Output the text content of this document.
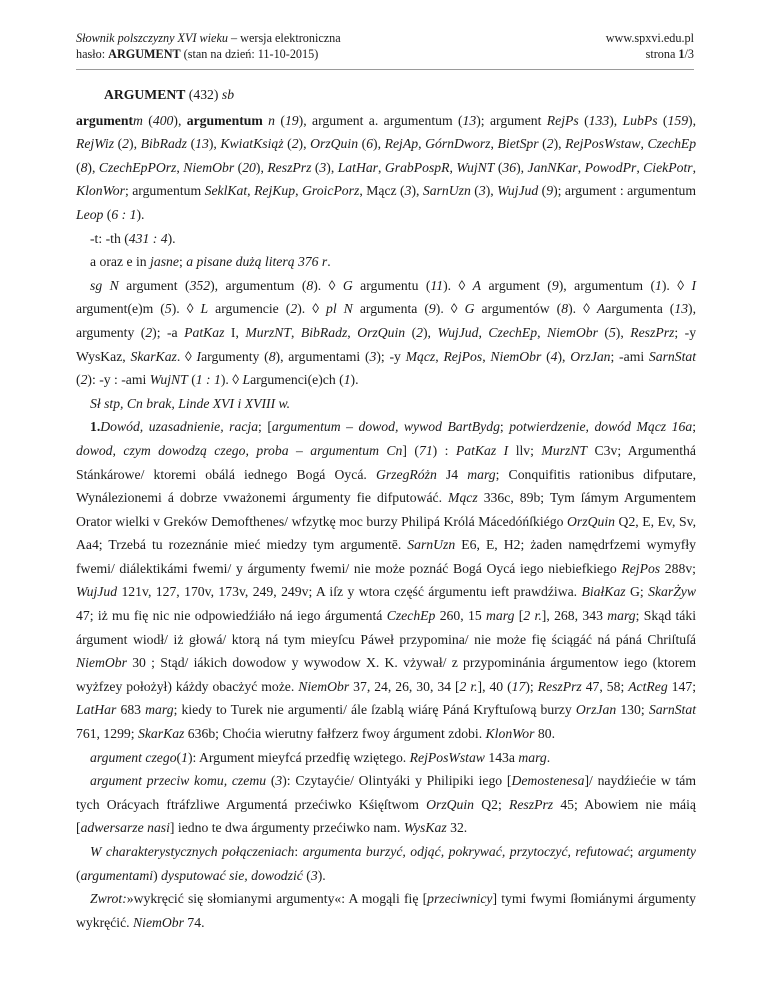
Słownik polszczyzny XVI wieku – wersja elektroniczna
hasło: ARGUMENT (stan na dzień: 11-10-2015)
www.spxvi.edu.pl
strona 1/3

ARGUMENT (432) sb

argumentm (400), argumentum n (19), argument a. argumentum (13); argument RejPs (133), LubPs (159), RejWiz (2), BibRadz (13), KwiatKsiąż (2), OrzQuin (6), RejAp, GórnDworz, BietSpr (2), RejPosWstaw, CzechEp (8), CzechEpPOrz, NiemObr (20), ReszPrz (3), LatHar, GrabPospR, WujNT (36), JanNKar, PowodPr, CiekPotr, KlonWor; argumentum SeklKat, RejKup, GroicPorz, Mącz (3), SarnUzn (3), WujJud (9); argument : argumentum Leop (6 : 1).

-t: -th (431 : 4).

a oraz e in jasne; a pisane dużą literą 376 r.

sg N argument (352), argumentum (8). ◊ G argumentu (11). ◊ A argument (9), argumentum (1). ◊ I argument(e)m (5). ◊ L argumencie (2). ◊ pl N argumenta (9). ◊ G argumentów (8). ◊ Aargumenta (13), argumenty (2); -a PatKaz I, MurzNT, BibRadz, OrzQuin (2), WujJud, CzechEp, NiemObr (5), ReszPrz; -y WysKaz, SkarKaz. ◊ Iargumenty (8), argumentami (3); -y Mącz, RejPos, NiemObr (4), OrzJan; -ami SarnStat (2): -y : -ami WujNT (1 : 1). ◊ Largumenci(e)ch (1).

Sł stp, Cn brak, Linde XVI i XVIII w.

1.Dowód, uzasadnienie, racja; [argumentum – dowod, wywod BartBydg; potwierdzenie, dowód Mącz 16a; dowod, czym dowodzą czego, proba – argumentum Cn] (71) : PatKaz I llv; MurzNT C3v; Argumenthá Stánkárowe/ ktoremi obálá iednego Bogá Oycá. GrzegRóżn J4 marg; Conquifitis rationibus difputare, Wynálezionemi á dobrze vważonemi árgumenty fie difputowáć. Mącz 336c, 89b; Tym ſámym Argumentem Orator wielki v Greków Demofthenes/ wfzytkę moc burzy Philipá Królá Mácedóńſkiégo OrzQuin Q2, E, Ev, Sv, Aa4; Trzebá tu rozeznánie mieć miedzy tym argumentē. SarnUzn E6, E, H2; żaden namędrfzemi wymyfły fwemi/ diálektikámi fwemi/ y árgumenty fwemi/ nie może poznáć Bogá Oycá iego niebiefkiego RejPos 288v; WujJud 121v, 127, 170v, 173v, 249, 249v; A iſz y wtora część árgumentu ieft prawdźiwa. BiałKaz G; SkarŻyw 47; iż mu fię nic nie odpowiedźiáło ná iego árgumentá CzechEp 260, 15 marg [2 r.], 268, 343 marg; Skąd táki árgument wiodł/ iż głowá/ ktorą ná tym mieyſcu Páweł przypomina/ nie może fię ściągáć ná páná Chriſtuſá NiemObr 30 ; Stąd/ iákich dowodow y wywodow X. K. vżywał/ z przypominánia árgumentow iego (ktorem wyżfzey położył) káżdy obacżyć może. NiemObr 37, 24, 26, 30, 34 [2 r.], 40 (17); ReszPrz 47, 58; ActReg 147; LatHar 683 marg; kiedy to Turek nie argumenti/ ále ſzablą wiárę Páná Kryftuſową burzy OrzJan 130; SarnStat 761, 1299; SkarKaz 636b; Choćia wierutny fałfzerz fwoy árgument zdobi. KlonWor 80.

argument czego(1): Argument mieyfcá przedfię wziętego. RejPosWstaw 143a marg.

argument przeciw komu, czemu (3): Czytayćie/ Olintyáki y Philipiki iego [Demostenesa]/ naydźiećie w tám tych Orácyach ftráfzliwe Argumentá przećiwko Kśięſtwom OrzQuin Q2; ReszPrz 45; Abowiem nie máią [adwersarze nasi] iedno te dwa árgumenty przećiwko nam. WysKaz 32.

W charakterystycznych połączeniach: argumenta burzyć, odjąć, pokrywać, przytoczyć, refutować; argumenty (argumentami) dysputować sie, dowodzić (3).

Zwrot:»wykręcić się słomianymi argumenty«: A mogąli fię [przeciwnicy] tymi fwymi ſłomiánymi árgumenty wykręćić. NiemObr 74.
